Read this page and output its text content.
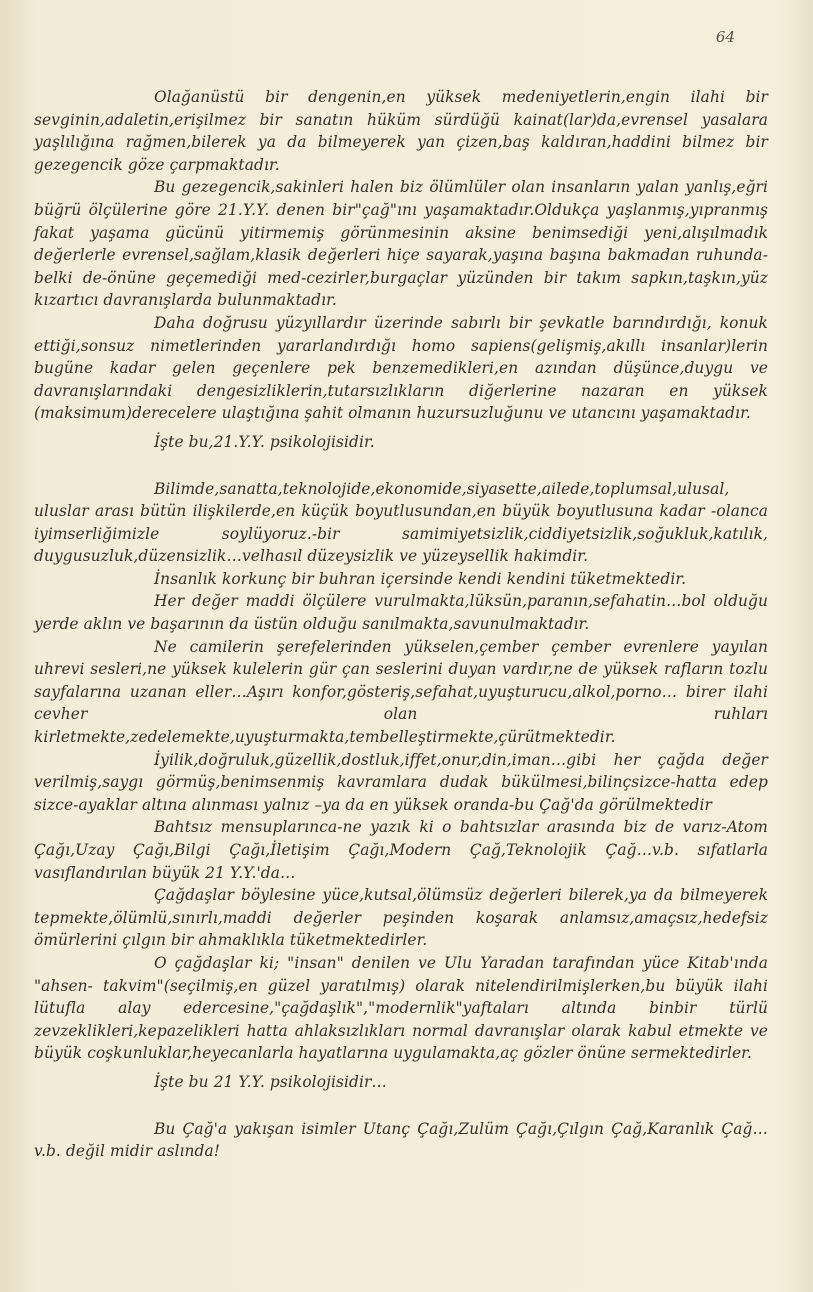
64

Olağanüstü bir dengenin,en yüksek medeniyetlerin,engin ilahi bir sevginin,adaletin,erişilmez bir sanatın hüküm sürdüğü kainat(lar)da,evrensel yasalara yaşlılığına rağmen,bilerek ya da bilmeyerek yan çizen,baş kaldıran,haddini bilmez bir gezegencik göze çarpmaktadır.

Bu gezegencik,sakinleri halen biz ölümlüler olan insanların yalan yanlış,eğri büğrü ölçülerine göre 21.Y.Y. denen bir"çağ"ını yaşamaktadır.Oldukça yaşlanmış,yıpranmış fakat yaşama gücünü yitirmemiş görünmesinin aksine benimsediği yeni,alışılmadık değerlerle evrensel,sağlam,klasik değerleri hiçe sayarak,yaşına başına bakmadan ruhunda-belki de-önüne geçemediği med-cezirler,burgaçlar yüzünden bir takım sapkın,taşkın,yüz kızartıcı davranışlarda bulunmaktadır.

Daha doğrusu yüzyıllardır üzerinde sabırlı bir şevkatle barındırdığı, konuk ettiği,sonsuz nimetlerinden yararlandırdığı homo sapiens(gelişmiş,akıllı insanlar)lerin bugüne kadar gelen geçenlere pek benzemedikleri,en azından düşünce,duygu ve davranışlarındaki dengesizliklerin,tutarsızlıkların diğerlerine nazaran en yüksek (maksimum)derecelere ulaştığına şahit olmanın huzursuzluğunu ve utancını yaşamaktadır.

İşte bu,21.Y.Y. psikolojisidir.

Bilimde,sanatta,teknolojide,ekonomide,siyasette,ailede,toplumsal,ulusal, uluslar arası bütün ilişkilerde,en küçük boyutlusundan,en büyük boyutlusuna kadar -olanca iyimserliğimizle soylüyoruz.-bir samimiyetsizlik,ciddiyetsizlik,soğukluk,katılık, duygusuzluk,düzensizlik…velhasıl düzeysizlik ve yüzeysellik hakimdir.

İnsanlık korkunç bir buhran içersinde kendi kendini tüketmektedir.

Her değer maddi ölçülere vurulmakta,lüksün,paranın,sefahatin…bol olduğu yerde aklın ve başarının da üstün olduğu sanılmakta,savunulmaktadır.

Ne camilerin şerefelerinden yükselen,çember çember evrenlere yayılan uhrevi sesleri,ne yüksek kulelerin gür çan seslerini duyan vardır,ne de yüksek rafların tozlu sayfalarına uzanan eller…Aşırı konfor,gösteriş,sefahat,uyuşturucu,alkol,porno… birer ilahi cevher olan ruhları kirletmekte,zedelemekte,uyuşturmakta,tembelleştirmekte,çürütmektedir.

İyilik,doğruluk,güzellik,dostluk,iffet,onur,din,iman…gibi her çağda değer verilmiş,saygı görmüş,benimsenmiş kavramlara dudak bükülmesi,bilinçsizce-hatta edep sizce-ayaklar altına alınması yalnız –ya da en yüksek oranda-bu Çağ'da görülmektedir

Bahtsız mensuplarınca-ne yazık ki o bahtsızlar arasında biz de varız-Atom Çağı,Uzay Çağı,Bilgi Çağı,İletişim Çağı,Modern Çağ,Teknolojik Çağ…v.b. sıfatlarla vasıflandırılan büyük 21 Y.Y.'da…

Çağdaşlar böylesine yüce,kutsal,ölümsüz değerleri bilerek,ya da bilmeyerek tepmekte,ölümlü,sınırlı,maddi değerler peşinden koşarak anlamsız,amaçsız,hedefsiz ömürlerini çılgın bir ahmaklıkla tüketmektedirler.

O çağdaşlar ki; "insan" denilen ve Ulu Yaradan tarafından yüce Kitab'ında "ahsen- takvim"(seçilmiş,en güzel yaratılmış) olarak nitelendirilmişlerken,bu büyük ilahi lütufla alay edercesine,"çağdaşlık","modernlik"yaftaları altında binbir türlü zevzeklikleri,kepazelikleri hatta ahlaksızlıkları normal davranışlar olarak kabul etmekte ve büyük coşkunluklar,heyecanlarla hayatlarına uygulamakta,aç gözler önüne sermektedirler.

İşte bu 21 Y.Y. psikolojisidir…

Bu Çağ'a yakışan isimler Utanç Çağı,Zulüm Çağı,Çılgın Çağ,Karanlık Çağ…v.b. değil midir aslında!
